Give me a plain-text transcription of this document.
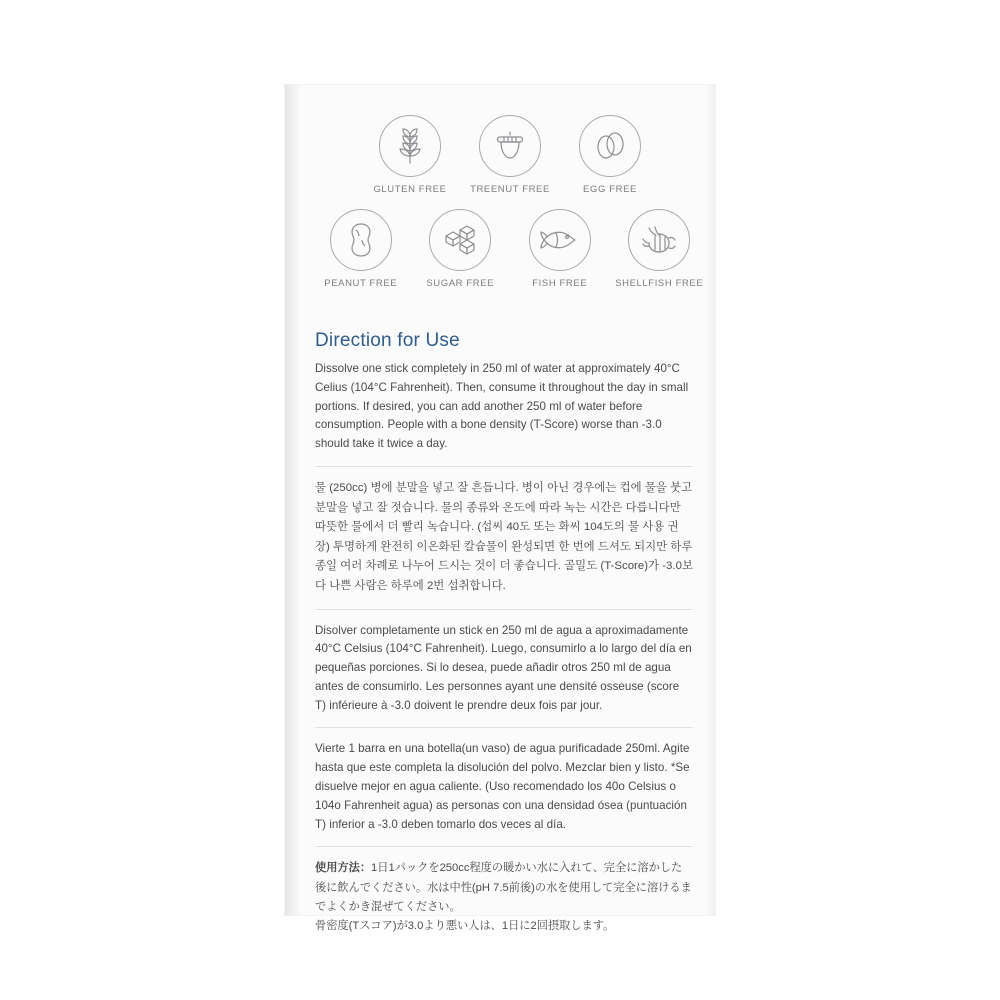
GLUTEN FREE TREENUT FREE	EGG FREE
PEANUT FREE	SUGAR FREE	FISH FREE	SHELLFISH FREE
Direction for Use

Dissolve one stick completely in 250 ml of water at approximately 40°C Celius (104°C Fahrenheit). Then, consume it throughout the day in small portions. If desired, you can add another 250 ml of water before consumption. People with a bone density (T-Score) worse than -3.0 should take it twice a day.

물 (250cc) 병에 분말을 넣고 잘 흔듭니다. 병이 아닌 경우에는 컵에 물을 붓고 분말을 넣고 잘 젓습니다. 물의 종류와 온도에 따라 녹는 시간은 다릅니다만 따뜻한 물에서 더 빨리 녹습니다. (섭씨 40도 또는 화씨 104도의 물 사용 권장) 투명하게 완전히 이온화된 칼슘물이 완성되면 한 번에 드셔도 되지만 하루 종일 여러 차례로 나누어 드시는 것이 더 좋습니다. 골밀도 (T-Score)가 -3.0보다 나쁜 사람은 하루에 2번 섭취합니다.

Disolver completamente un stick en 250 ml de agua a aproximadamente 40°C Celsius (104°C Fahrenheit). Luego, consumirlo a lo largo del día en pequeñas porciones. Si lo desea, puede añadir otros 250 ml de agua antes de consumirlo. Les personnes ayant une densité osseuse (score T) inférieure à -3.0 doivent le prendre deux fois par jour.

Vierte 1 barra en una botella(un vaso) de agua purificadade 250ml. Agite hasta que este completa la disolución del polvo. Mezclar bien y listo. *Se disuelve mejor en agua caliente. (Uso recomendado los 40o Celsius o 104o Fahrenheit agua) as personas con una densidad ósea (puntuación T) inferior a -3.0 deben tomarlo dos veces al día.

使用方法：1日1パックを250cc程度の暖かい水に入れて、完全に溶かした後に飲んでください。水は中性(pH 7.5前後)の水を使用して完全に溶けるまでよくかき混ぜてください。

骨密度(Tスコア)が3.0より悪い人は、1日に2回摂取します。
